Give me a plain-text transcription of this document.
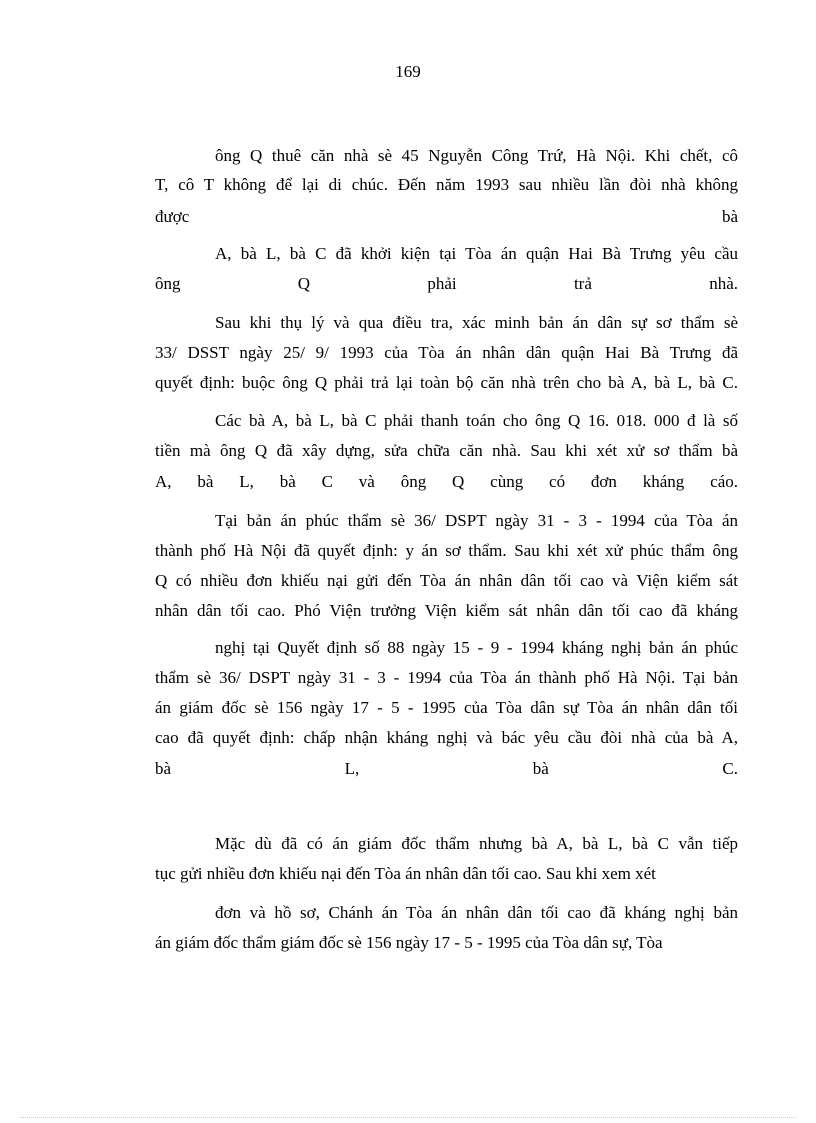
169
ông Q thuê căn nhà sè 45 Nguyễn Công Trứ, Hà Nội. Khi chết, cô
T, cô T không để lại di chúc. Đến năm 1993 sau nhiều lần đòi nhà không
được bà
A, bà L, bà C đã khởi kiện tại Tòa án quận Hai Bà Trưng yêu cầu
ông Q phải trả nhà.
Sau khi thụ lý và qua điều tra, xác minh bản án dân sự sơ thẩm sè
33/ DSST ngày 25/ 9/ 1993 của Tòa án nhân dân quận Hai Bà Trưng đã
quyết định: buộc ông Q phải trả lại toàn bộ căn nhà trên cho bà A, bà L, bà C.
Các bà A, bà L, bà C phải thanh toán cho ông Q 16. 018. 000 đ là số
tiền mà ông Q đã xây dựng, sửa chữa căn nhà. Sau khi xét xử sơ thẩm bà
A, bà L, bà C và ông Q cùng có đơn kháng cáo.
Tại bản án phúc thẩm sè 36/ DSPT ngày 31 - 3 - 1994 của Tòa án
thành phố Hà Nội đã quyết định: y án sơ thẩm. Sau khi xét xử phúc thẩm ông
Q có nhiều đơn khiếu nại gửi đến Tòa án nhân dân tối cao và Viện kiểm sát
nhân dân tối cao. Phó Viện trưởng Viện kiểm sát nhân dân tối cao đã kháng
nghị tại Quyết định số 88 ngày 15 - 9 - 1994 kháng nghị bản án phúc
thẩm sè 36/ DSPT ngày 31 - 3 - 1994 của Tòa án thành phố Hà Nội. Tại bản
án giám đốc sè 156 ngày 17 - 5 - 1995 của Tòa dân sự Tòa án nhân dân tối
cao đã quyết định: chấp nhận kháng nghị và bác yêu cầu đòi nhà của bà A,
bà L, bà C.
Mặc dù đã có án giám đốc thẩm nhưng bà A, bà L, bà C vẫn tiếp
tục gửi nhiều đơn khiếu nại đến Tòa án nhân dân tối cao. Sau khi xem xét
đơn và hồ sơ, Chánh án Tòa án nhân dân tối cao đã kháng nghị bản
án giám đốc thẩm giám đốc sè 156 ngày 17 - 5 - 1995 của Tòa dân sự, Tòa
